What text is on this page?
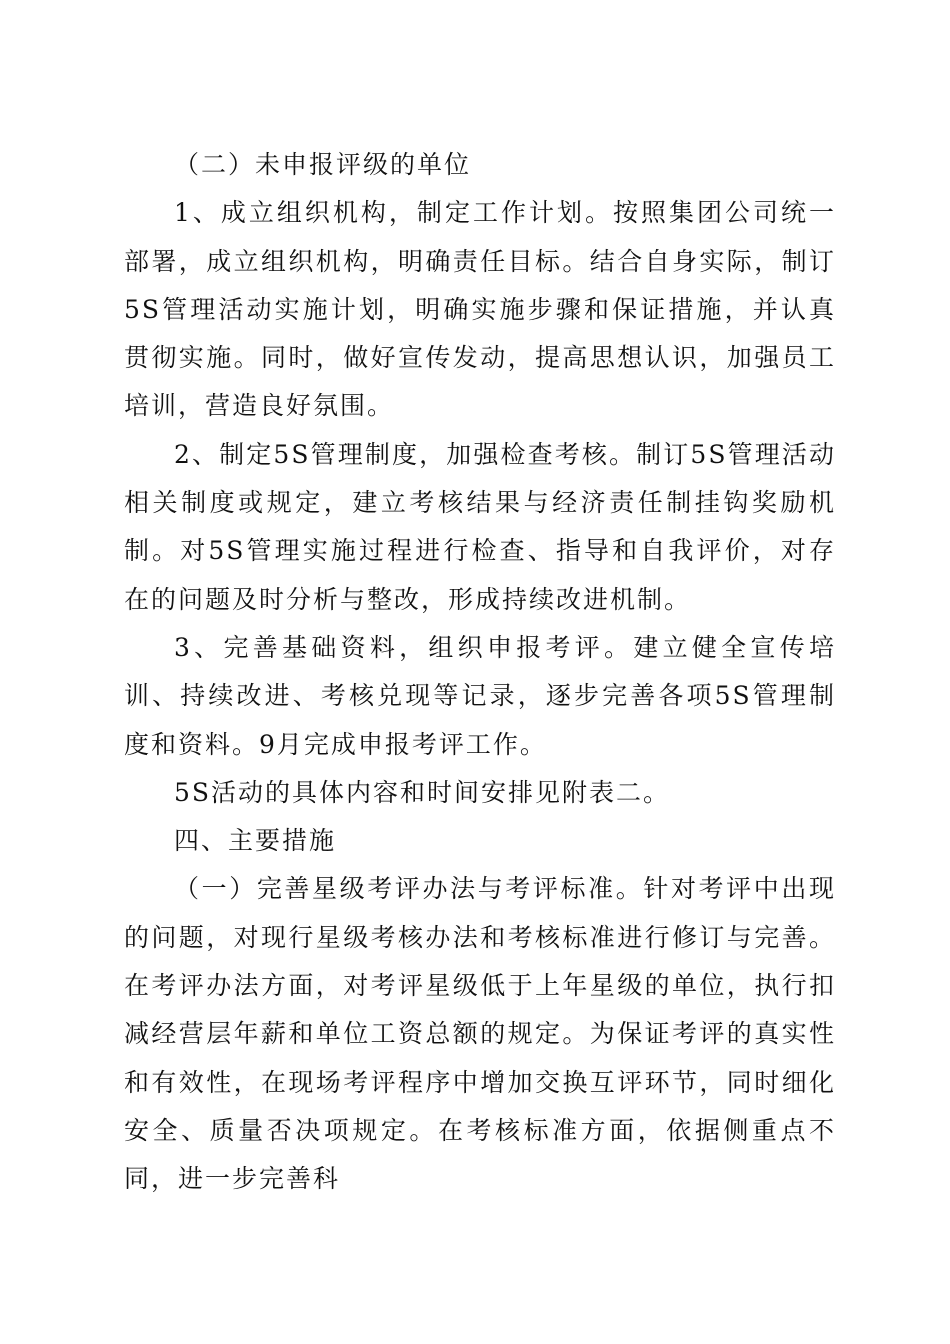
（二）未申报评级的单位

1、成立组织机构，制定工作计划。按照集团公司统一部署，成立组织机构，明确责任目标。结合自身实际，制订5S管理活动实施计划，明确实施步骤和保证措施，并认真贯彻实施。同时，做好宣传发动，提高思想认识，加强员工培训，营造良好氛围。

2、制定5S管理制度，加强检查考核。制订5S管理活动相关制度或规定，建立考核结果与经济责任制挂钩奖励机制。对5S管理实施过程进行检查、指导和自我评价，对存在的问题及时分析与整改，形成持续改进机制。

3、完善基础资料，组织申报考评。建立健全宣传培训、持续改进、考核兑现等记录，逐步完善各项5S管理制度和资料。9月完成申报考评工作。

5S活动的具体内容和时间安排见附表二。

四、主要措施

（一）完善星级考评办法与考评标准。针对考评中出现的问题，对现行星级考核办法和考核标准进行修订与完善。在考评办法方面，对考评星级低于上年星级的单位，执行扣减经营层年薪和单位工资总额的规定。为保证考评的真实性和有效性，在现场考评程序中增加交换互评环节，同时细化安全、质量否决项规定。在考核标准方面，依据侧重点不同，进一步完善科
